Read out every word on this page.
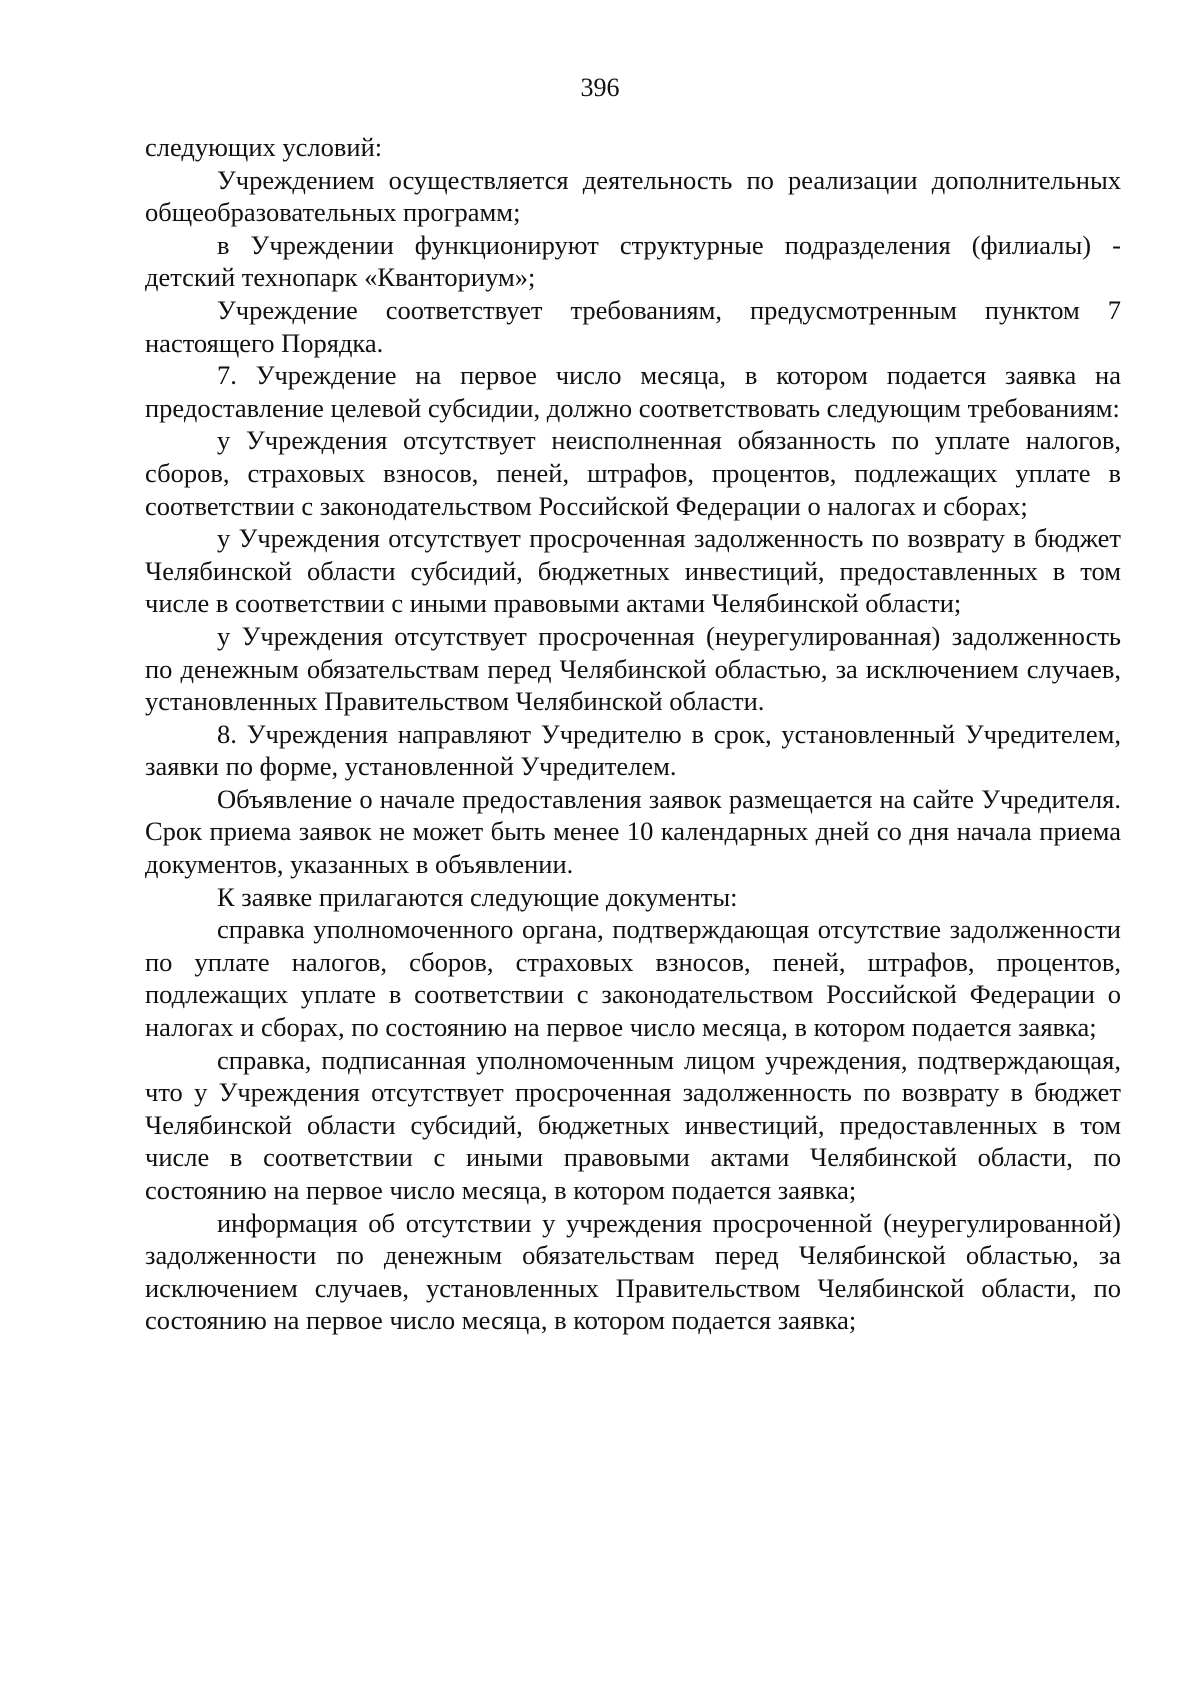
396

следующих условий:

Учреждением осуществляется деятельность по реализации дополнительных общеобразовательных программ;

в Учреждении функционируют структурные подразделения (филиалы) - детский технопарк «Кванториум»;

Учреждение соответствует требованиям, предусмотренным пунктом 7 настоящего Порядка.

7. Учреждение на первое число месяца, в котором подается заявка на предоставление целевой субсидии, должно соответствовать следующим требованиям:

у Учреждения отсутствует неисполненная обязанность по уплате налогов, сборов, страховых взносов, пеней, штрафов, процентов, подлежащих уплате в соответствии с законодательством Российской Федерации о налогах и сборах;

у Учреждения отсутствует просроченная задолженность по возврату в бюджет Челябинской области субсидий, бюджетных инвестиций, предоставленных в том числе в соответствии с иными правовыми актами Челябинской области;

у Учреждения отсутствует просроченная (неурегулированная) задолженность по денежным обязательствам перед Челябинской областью, за исключением случаев, установленных Правительством Челябинской области.

8. Учреждения направляют Учредителю в срок, установленный Учредителем, заявки по форме, установленной Учредителем.

Объявление о начале предоставления заявок размещается на сайте Учредителя. Срок приема заявок не может быть менее 10 календарных дней со дня начала приема документов, указанных в объявлении.

К заявке прилагаются следующие документы:

справка уполномоченного органа, подтверждающая отсутствие задолженности по уплате налогов, сборов, страховых взносов, пеней, штрафов, процентов, подлежащих уплате в соответствии с законодательством Российской Федерации о налогах и сборах, по состоянию на первое число месяца, в котором подается заявка;

справка, подписанная уполномоченным лицом учреждения, подтверждающая, что у Учреждения отсутствует просроченная задолженность по возврату в бюджет Челябинской области субсидий, бюджетных инвестиций, предоставленных в том числе в соответствии с иными правовыми актами Челябинской области, по состоянию на первое число месяца, в котором подается заявка;

информация об отсутствии у учреждения просроченной (неурегулированной) задолженности по денежным обязательствам перед Челябинской областью, за исключением случаев, установленных Правительством Челябинской области, по состоянию на первое число месяца, в котором подается заявка;
